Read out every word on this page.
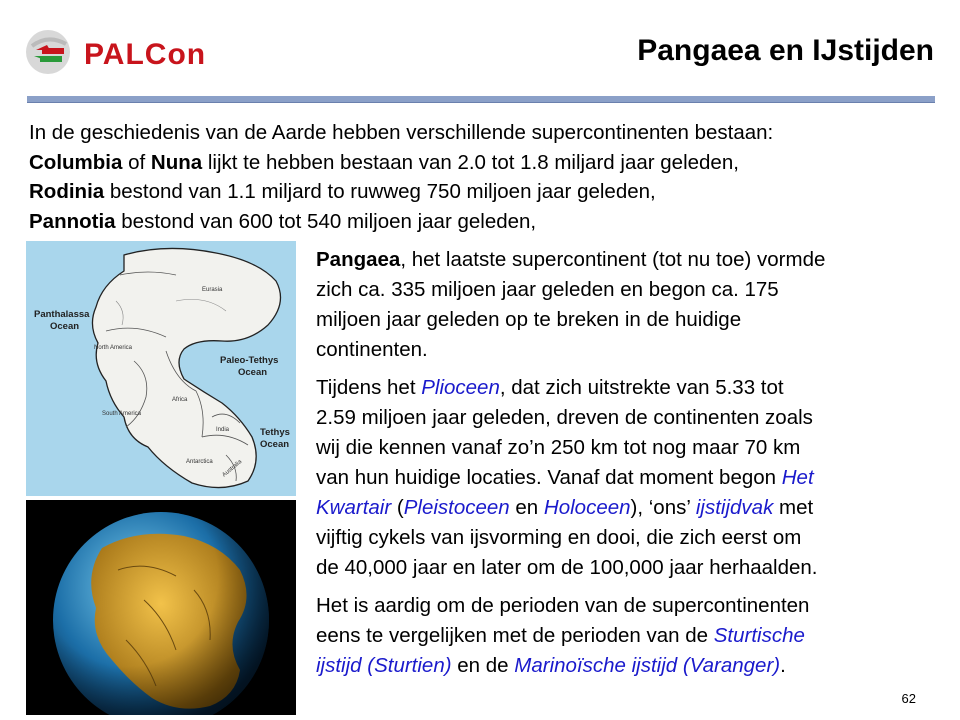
PALCon	Pangaea en IJstijden
In de geschiedenis van de Aarde hebben verschillende supercontinenten bestaan:
Columbia of Nuna lijkt te hebben bestaan van 2.0 tot 1.8 miljard jaar geleden,
Rodinia bestond van 1.1 miljard to ruwweg 750 miljoen jaar geleden,
Pannotia bestond van 600 tot 540 miljoen jaar geleden,
Panthalassa
Ocean
Paleo-Tethys
Ocean
Tethys
Ocean
Eurasia
North America
Africa
South America
India
Antarctica Australia

Pangaea, het laatste supercontinent (tot nu toe) vormde
zich ca. 335 miljoen jaar geleden en begon ca. 175
miljoen jaar geleden op te breken in de huidige
continenten.

Tijdens het Plioceen, dat zich uitstrekte van 5.33 tot
2.59 miljoen jaar geleden, dreven de continenten zoals
wij die kennen vanaf zo’n 250 km tot nog maar 70 km
van hun huidige locaties. Vanaf dat moment begon Het
Kwartair (Pleistoceen en Holoceen), ‘ons’ ijstijdvak met
vijftig cykels van ijsvorming en dooi, die zich eerst om
de 40,000 jaar en later om de 100,000 jaar herhaalden.

Het is aardig om de perioden van de supercontinenten
eens te vergelijken met de perioden van de Sturtische
ijstijd (Sturtien) en de Marinoïsche ijstijd (Varanger).

62
